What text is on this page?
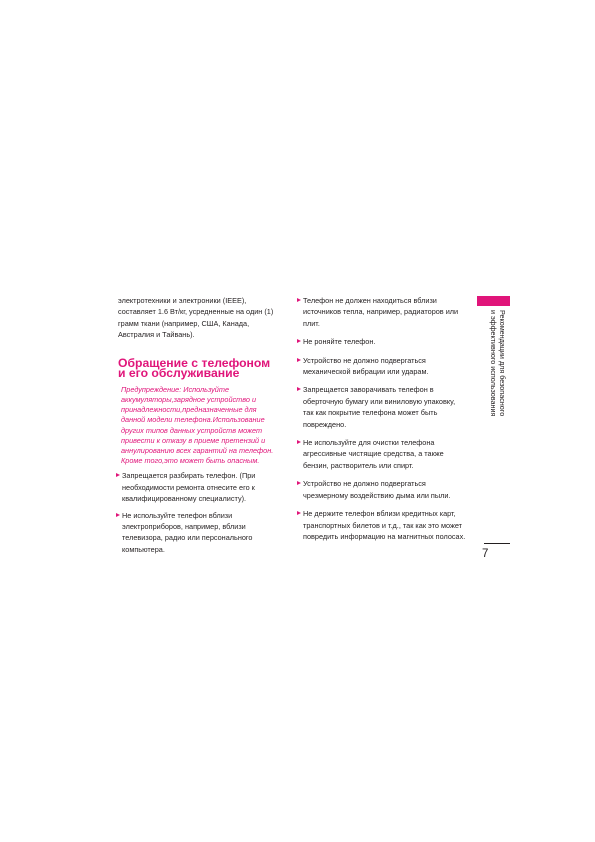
электротехники и электроники (IEEE), составляет 1.6 Вт/кг, усредненные на один (1) грамм ткани (например, США, Канада, Австралия и Тайвань).

Обращение с телефоном и его обслуживание

Предупреждение: Используйте аккумуляторы,зарядное устройство и принадлежности,предназначенные для данной модели телефона.Использование других типов данных устройств может привести к отказу в приеме претензий и аннулированию всех гарантий на телефон. Кроме того,это может быть опасным.

Запрещается разбирать телефон. (При необходимости ремонта отнесите его к квалифицированному специалисту).
Не используйте телефон вблизи электроприборов, например, вблизи телевизора, радио или персонального компьютера.
Телефон не должен находиться вблизи источников тепла, например, радиаторов или плит.
Не роняйте телефон.
Устройство не должно подвергаться механической вибрации или ударам.
Запрещается заворачивать телефон в оберточную бумагу или виниловую упаковку, так как покрытие телефона может быть повреждено.
Не используйте для очистки телефона агрессивные чистящие средства, а также бензин, растворитель или спирт.
Устройство не должно подвергаться чрезмерному воздействию дыма или пыли.
Не держите телефон вблизи кредитных карт, транспортных билетов и т.д., так как это может повредить информацию на магнитных полосах.
Рекомендации для безопасного
и эффективного использования
7
